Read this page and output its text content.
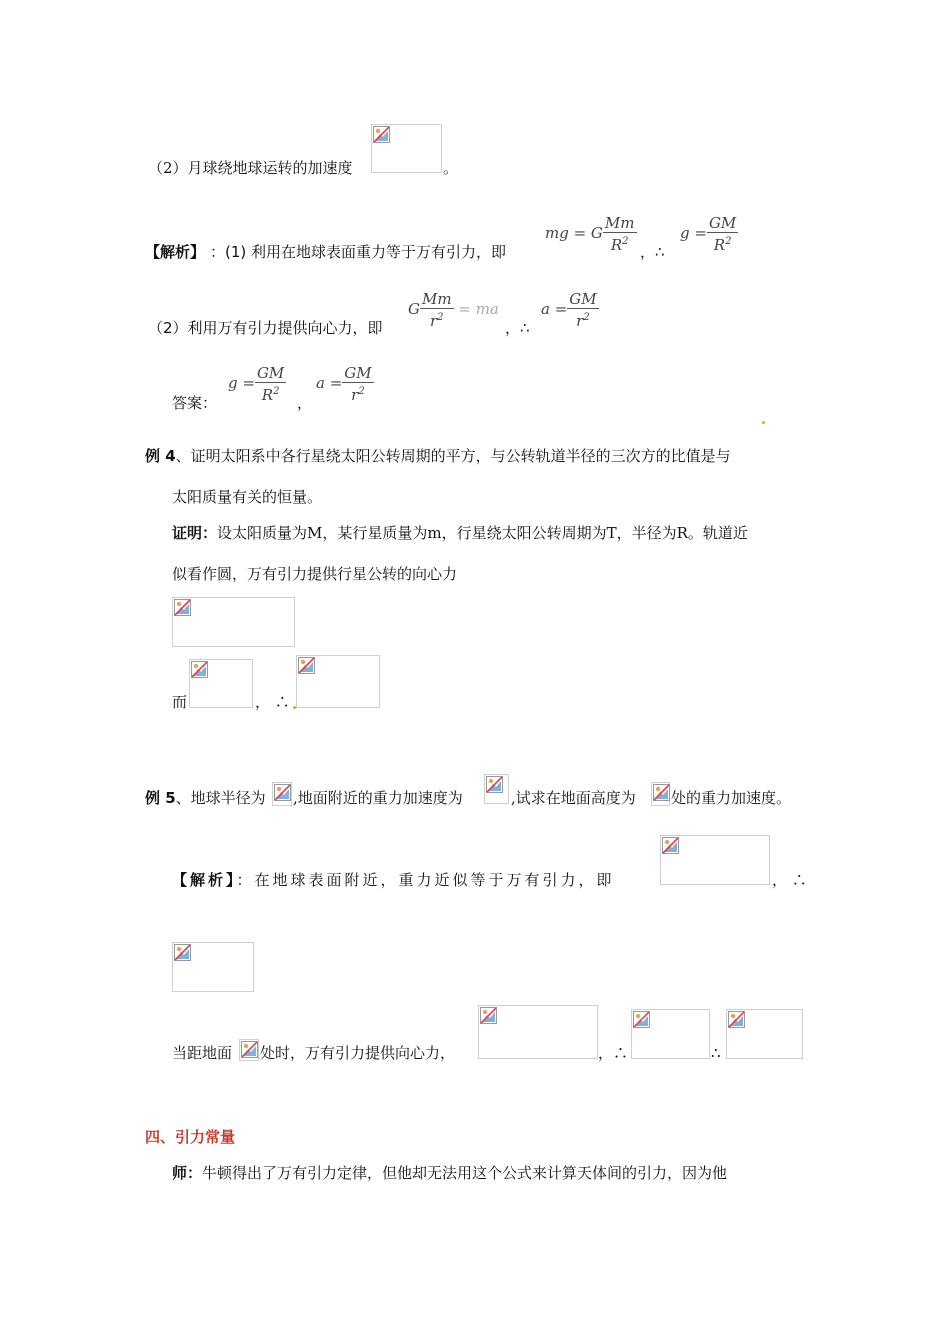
（2）月球绕地球运转的加速度	。
【解析】 ：(1) 利用在地球表面重力等于万有引力，即
mg = G $\frac{Mm}{R^2}$ ，∴
$g = \frac{GM}{R^2}$
（2）利用万有引力提供向心力，即
G $\frac{Mm}{r^2}$ = ma
，∴
$a = \frac{GM}{r^2}$
答案：
$g = \frac{GM}{R^2}$ ，
$a = \frac{GM}{r^2}$
例 4、证明太阳系中各行星绕太阳公转周期的平方，与公转轨道半径的三次方的比值是与
太阳质量有关的恒量。
证明：设太阳质量为M，某行星质量为m，行星绕太阳公转周期为T，半径为R。轨道近
似看作圆，万有引力提供行星公转的向心力
而	， ∴
例 5、地球半径为 ,地面附近的重力加速度为	,试求在地面高度为 处的重力加速度。
【解析】：在地球表面附近，重力近似等于万有引力，即	， ∴
当距地面 处时，万有引力提供向心力，	，∴	∴
四、引力常量
师：牛顿得出了万有引力定律，但他却无法用这个公式来计算天体间的引力，因为他
